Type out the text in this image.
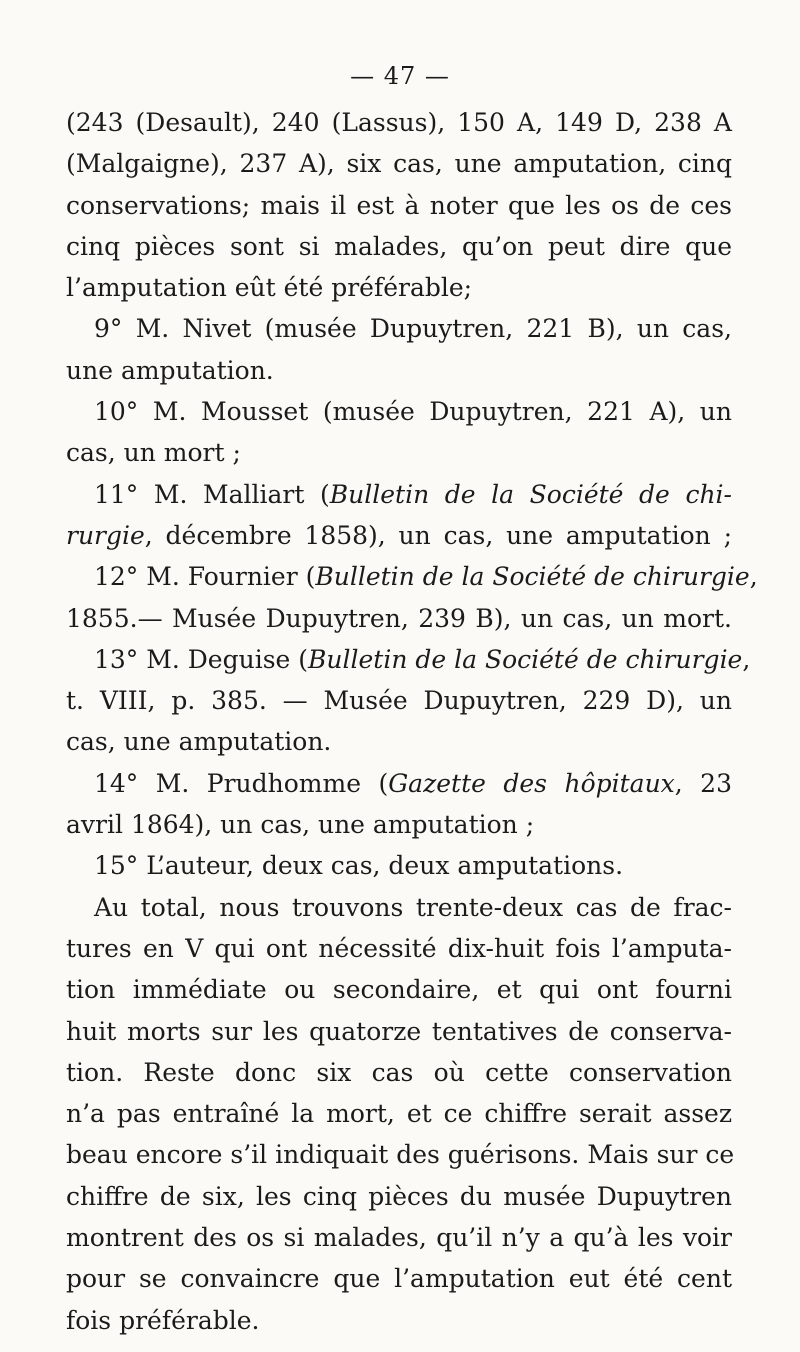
— 47 —
(243 (Desault), 240 (Lassus), 150 A, 149 D, 238 A
(Malgaigne), 237 A), six cas, une amputation, cinq
conservations; mais il est à noter que les os de ces
cinq pièces sont si malades, qu’on peut dire que
l’amputation eût été préférable;
9° M. Nivet (musée Dupuytren, 221 B), un cas,
une amputation.
10° M. Mousset (musée Dupuytren, 221 A), un
cas, un mort ;
11° M. Malliart (Bulletin de la Société de chi-
rurgie, décembre 1858), un cas, une amputation ;
12° M. Fournier (Bulletin de la Société de chirurgie,
1855.— Musée Dupuytren, 239 B), un cas, un mort.
13° M. Deguise (Bulletin de la Société de chirurgie,
t. VIII, p. 385. — Musée Dupuytren, 229 D), un
cas, une amputation.
14° M. Prudhomme (Gazette des hôpitaux, 23
avril 1864), un cas, une amputation ;
15° L’auteur, deux cas, deux amputations.
Au total, nous trouvons trente-deux cas de frac-
tures en V qui ont nécessité dix-huit fois l’amputa-
tion immédiate ou secondaire, et qui ont fourni
huit morts sur les quatorze tentatives de conserva-
tion. Reste donc six cas où cette conservation
n’a pas entraîné la mort, et ce chiffre serait assez
beau encore s’il indiquait des guérisons. Mais sur ce
chiffre de six, les cinq pièces du musée Dupuytren
montrent des os si malades, qu’il n’y a qu’à les voir
pour se convaincre que l’amputation eut été cent
fois préférable.
